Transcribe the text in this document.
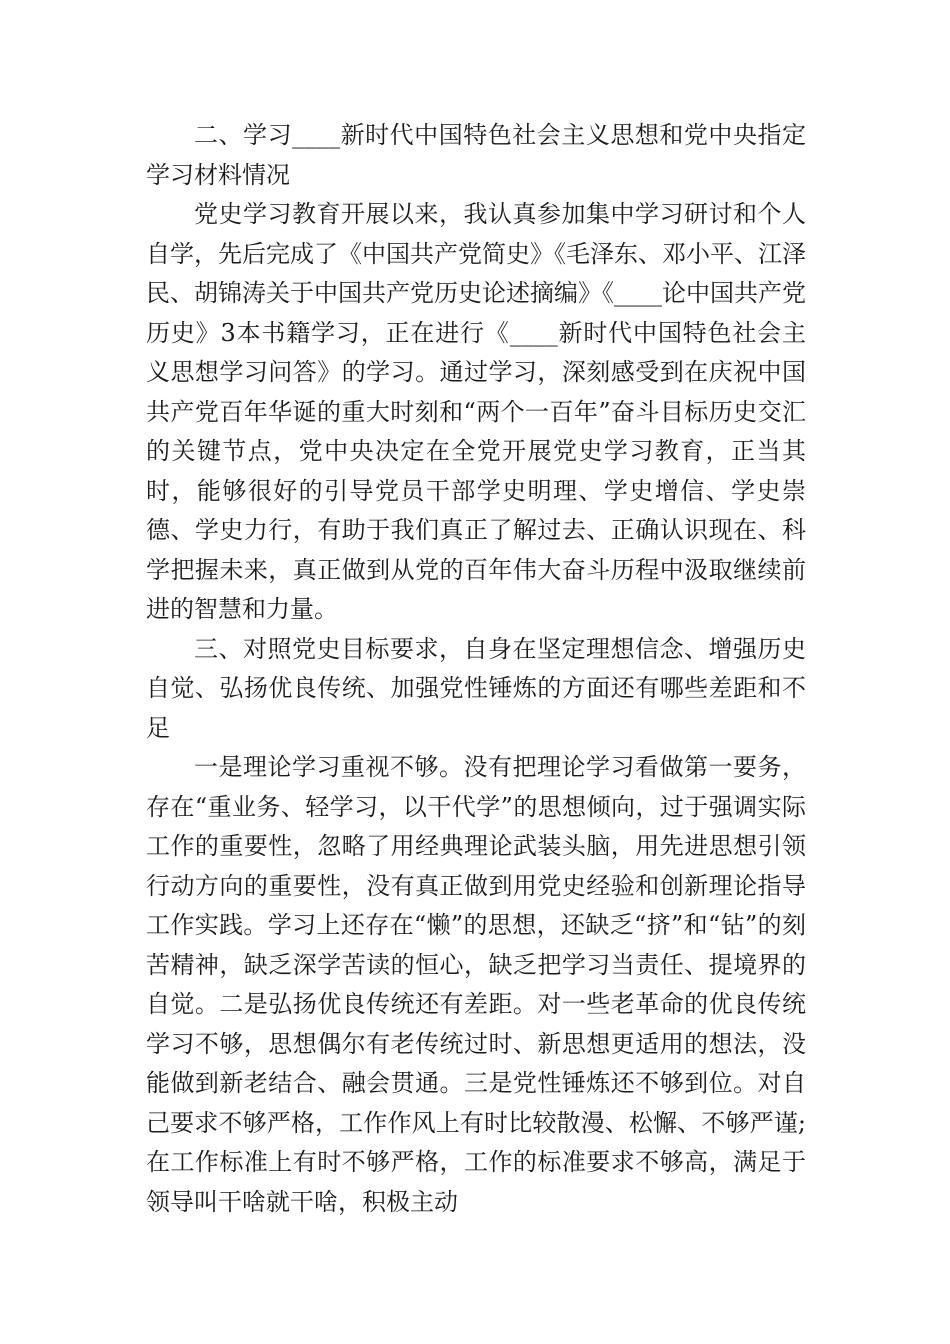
二、学习____新时代中国特色社会主义思想和党中央指定学习材料情况

党史学习教育开展以来，我认真参加集中学习研讨和个人自学，先后完成了《中国共产党简史》《毛泽东、邓小平、江泽民、胡锦涛关于中国共产党历史论述摘编》《____论中国共产党历史》3本书籍学习，正在进行《____新时代中国特色社会主义思想学习问答》的学习。通过学习，深刻感受到在庆祝中国共产党百年华诞的重大时刻和“两个一百年”奋斗目标历史交汇的关键节点，党中央决定在全党开展党史学习教育，正当其时，能够很好的引导党员干部学史明理、学史增信、学史崇德、学史力行，有助于我们真正了解过去、正确认识现在、科学把握未来，真正做到从党的百年伟大奋斗历程中汲取继续前进的智慧和力量。

三、对照党史目标要求，自身在坚定理想信念、增强历史自觉、弘扬优良传统、加强党性锤炼的方面还有哪些差距和不足

一是理论学习重视不够。没有把理论学习看做第一要务，存在“重业务、轻学习，以干代学”的思想倾向，过于强调实际工作的重要性，忽略了用经典理论武装头脑，用先进思想引领行动方向的重要性，没有真正做到用党史经验和创新理论指导工作实践。学习上还存在“懒”的思想，还缺乏“挤”和“钻”的刻苦精神，缺乏深学苦读的恒心，缺乏把学习当责任、提境界的自觉。二是弘扬优良传统还有差距。对一些老革命的优良传统学习不够，思想偶尔有老传统过时、新思想更适用的想法，没能做到新老结合、融会贯通。三是党性锤炼还不够到位。对自己要求不够严格，工作作风上有时比较散漫、松懈、不够严谨;在工作标准上有时不够严格，工作的标准要求不够高，满足于领导叫干啥就干啥，积极主动
